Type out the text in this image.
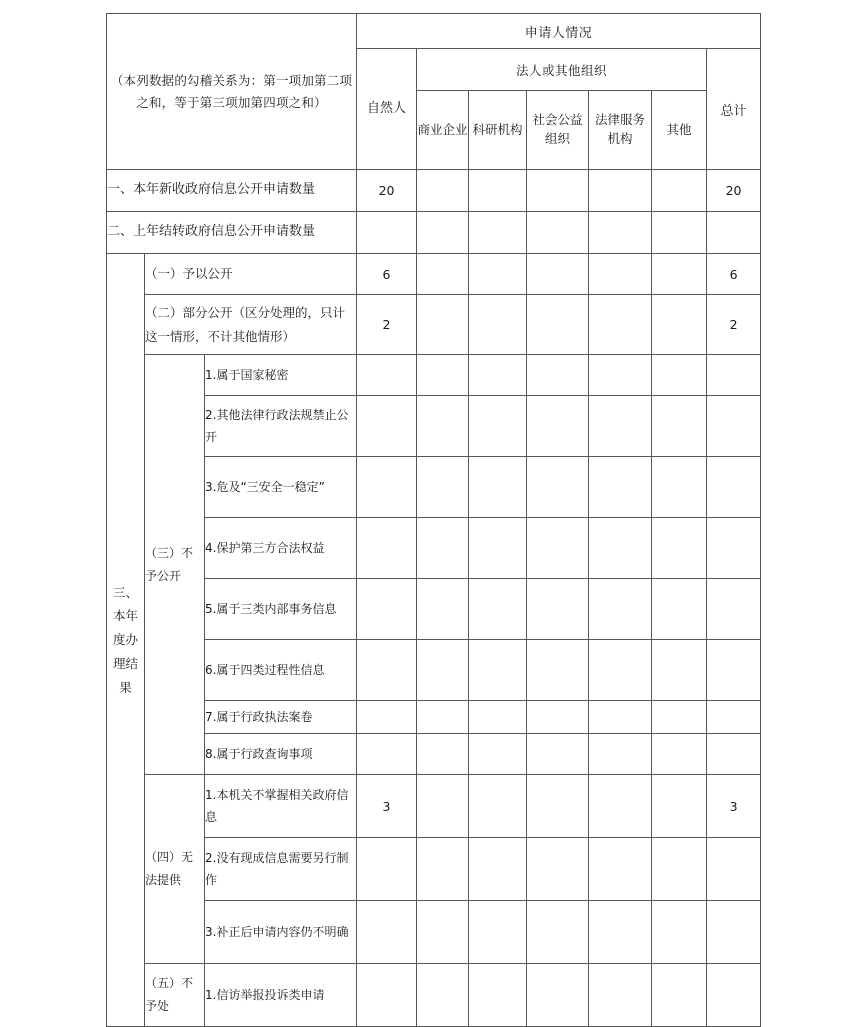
（本列数据的勾稽关系为：第一项加第二项之和，等于第三项加第四项之和）			申请人情况						
			自然人	法人或其他组织					总计
				商业企业	科研机构	社会公益组织	法律服务机构	其他	
一、本年新收政府信息公开申请数量			20						20
二、上年结转政府信息公开申请数量									
三、本年度办理结果	（一）予以公开		6						6
	（二）部分公开（区分处理的，只计这一情形，不计其他情形）		2						2
	（三）不予公开	1.属于国家秘密							
		2.其他法律行政法规禁止公开							
		3.危及“三安全一稳定”							
		4.保护第三方合法权益							
		5.属于三类内部事务信息							
		6.属于四类过程性信息							
		7.属于行政执法案卷							
		8.属于行政查询事项							
	（四）无法提供	1.本机关不掌握相关政府信息	3						3
		2.没有现成信息需要另行制作							
		3.补正后申请内容仍不明确							
	（五）不予处	1.信访举报投诉类申请							
